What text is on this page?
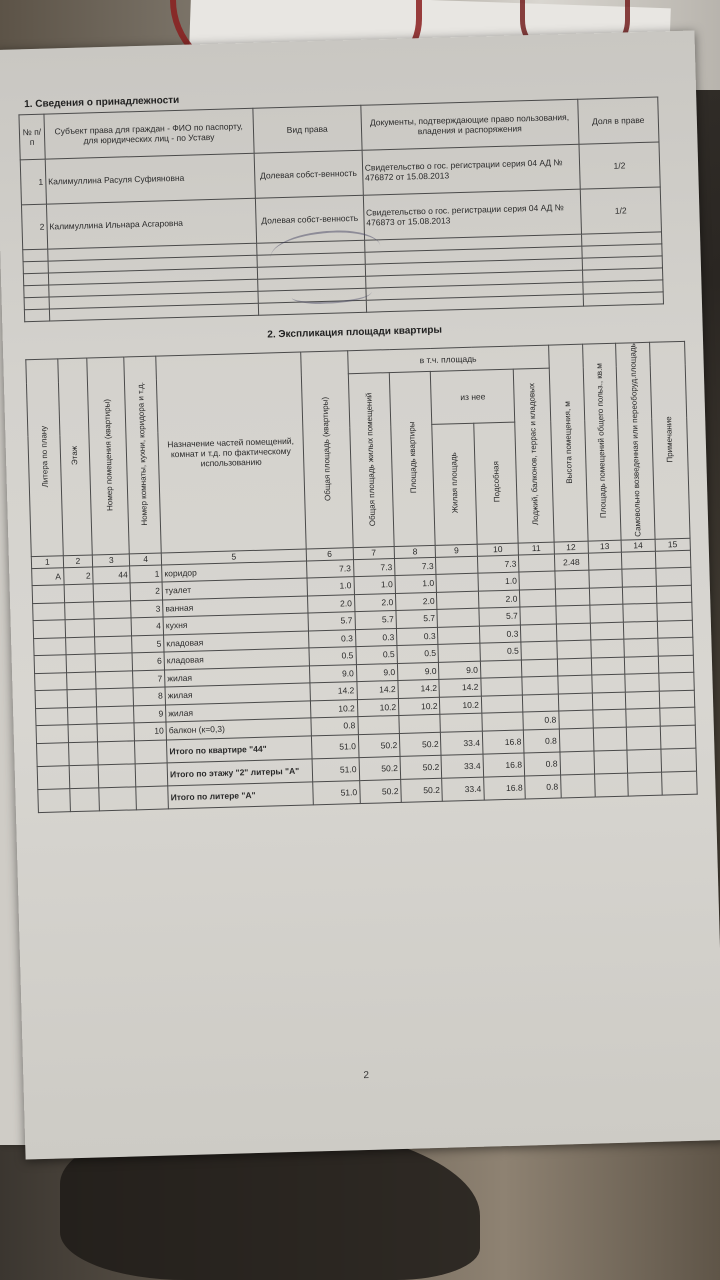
1. Сведения о принадлежности
№ п/п	Субъект права для граждан - ФИО по паспорту, для юридических лиц - по Уставу	Вид права	Документы, подтверждающие право пользования, владения и распоряжения	Доля в праве
1	Калимуллина Расуля Суфияновна	Долевая собст-венность	Свидетельство о гос. регистрации серия 04 АД № 476872 от 15.08.2013	1/2
2	Калимуллина Ильнара Асгаровна	Долевая собст-венность	Свидетельство о гос. регистрации серия 04 АД № 476873 от 15.08.2013	1/2

2. Экспликация площади квартиры
Литера по плану	Этаж	Номер помещения (квартиры)	Номер комнаты, кухни, коридора и т.д.	Назначение частей помещений, комнат и т.д. по фактическому использованию	Общая площадь (квартиры)	в т.ч. площадь					Высота помещения, м	Площадь помещений общего польз., кв.м	Самовольно возведенная или переоборуд.площадь	Примечание
						Общая площадь жилых помещений	Площадь квартиры	из нее		Лоджий, балконов, террас и кладовых				
								Жилая площадь	Подсобная					
1	2	3	4	5	6	7	8	9	10	11	12	13	14	15
А	2	44	1	коридор	7.3	7.3	7.3		7.3		2.48			
			2	туалет	1.0	1.0	1.0		1.0					
			3	ванная	2.0	2.0	2.0		2.0					
			4	кухня	5.7	5.7	5.7		5.7					
			5	кладовая	0.3	0.3	0.3		0.3					
			6	кладовая	0.5	0.5	0.5		0.5					
			7	жилая	9.0	9.0	9.0	9.0						
			8	жилая	14.2	14.2	14.2	14.2						
			9	жилая	10.2	10.2	10.2	10.2						
			10	балкон (к=0,3)	0.8					0.8				
				Итого по квартире "44"	51.0	50.2	50.2	33.4	16.8	0.8				
				Итого по этажу "2" литеры "А"	51.0	50.2	50.2	33.4	16.8	0.8				
				Итого по литере "А"	51.0	50.2	50.2	33.4	16.8	0.8				
2
